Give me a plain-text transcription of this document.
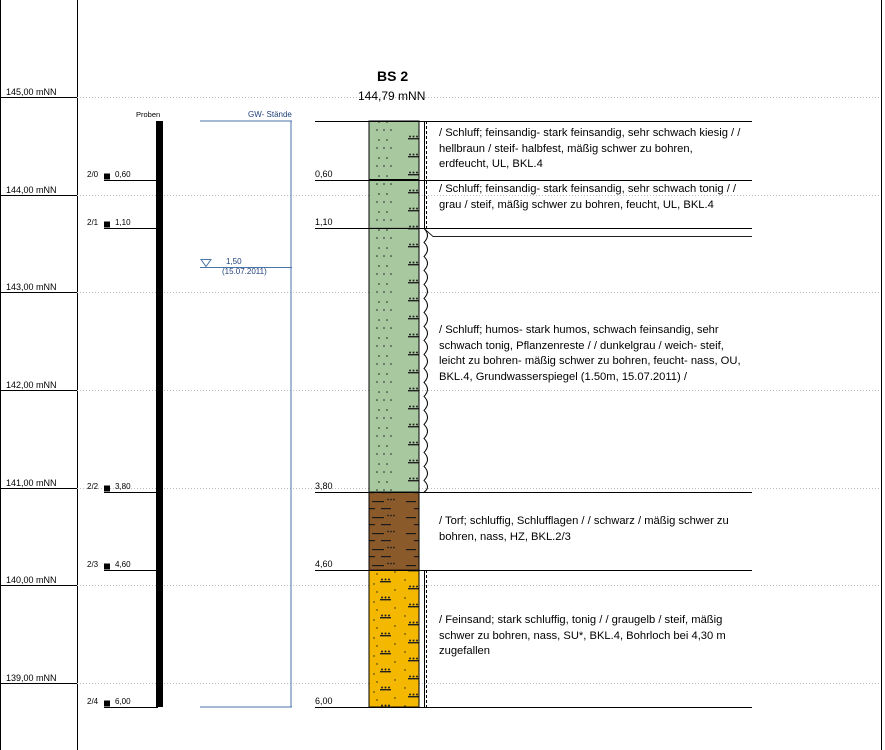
BS 2
144,79 mNN
Proben	GW- Stände
1,50
(15.07.2011)
145,00 mNN
144,00 mNN
143,00 mNN
142,00 mNN
141,00 mNN
140,00 mNN
139,00 mNN
2/0 0,60
2/1 1,10
2/2 3,80
2/3 4,60
2/4 6,00
0,60
1,10
3,80
4,60
6,00
/ Schluff; feinsandig- stark feinsandig, sehr schwach kiesig / / hellbraun / steif- halbfest, mäßig schwer zu bohren, erdfeucht, UL, BKL.4
/ Schluff; feinsandig- stark feinsandig, sehr schwach tonig / / grau / steif, mäßig schwer zu bohren, feucht, UL, BKL.4
/ Schluff; humos- stark humos, schwach feinsandig, sehr schwach tonig, Pflanzenreste / / dunkelgrau / weich- steif, leicht zu bohren- mäßig schwer zu bohren, feucht- nass, OU, BKL.4, Grundwasserspiegel (1.50m, 15.07.2011) /
/ Torf; schluffig, Schlufflagen / / schwarz / mäßig schwer zu bohren, nass, HZ, BKL.2/3
/ Feinsand; stark schluffig, tonig / / graugelb / steif, mäßig schwer zu bohren, nass, SU*, BKL.4, Bohrloch bei 4,30 m zugefallen
